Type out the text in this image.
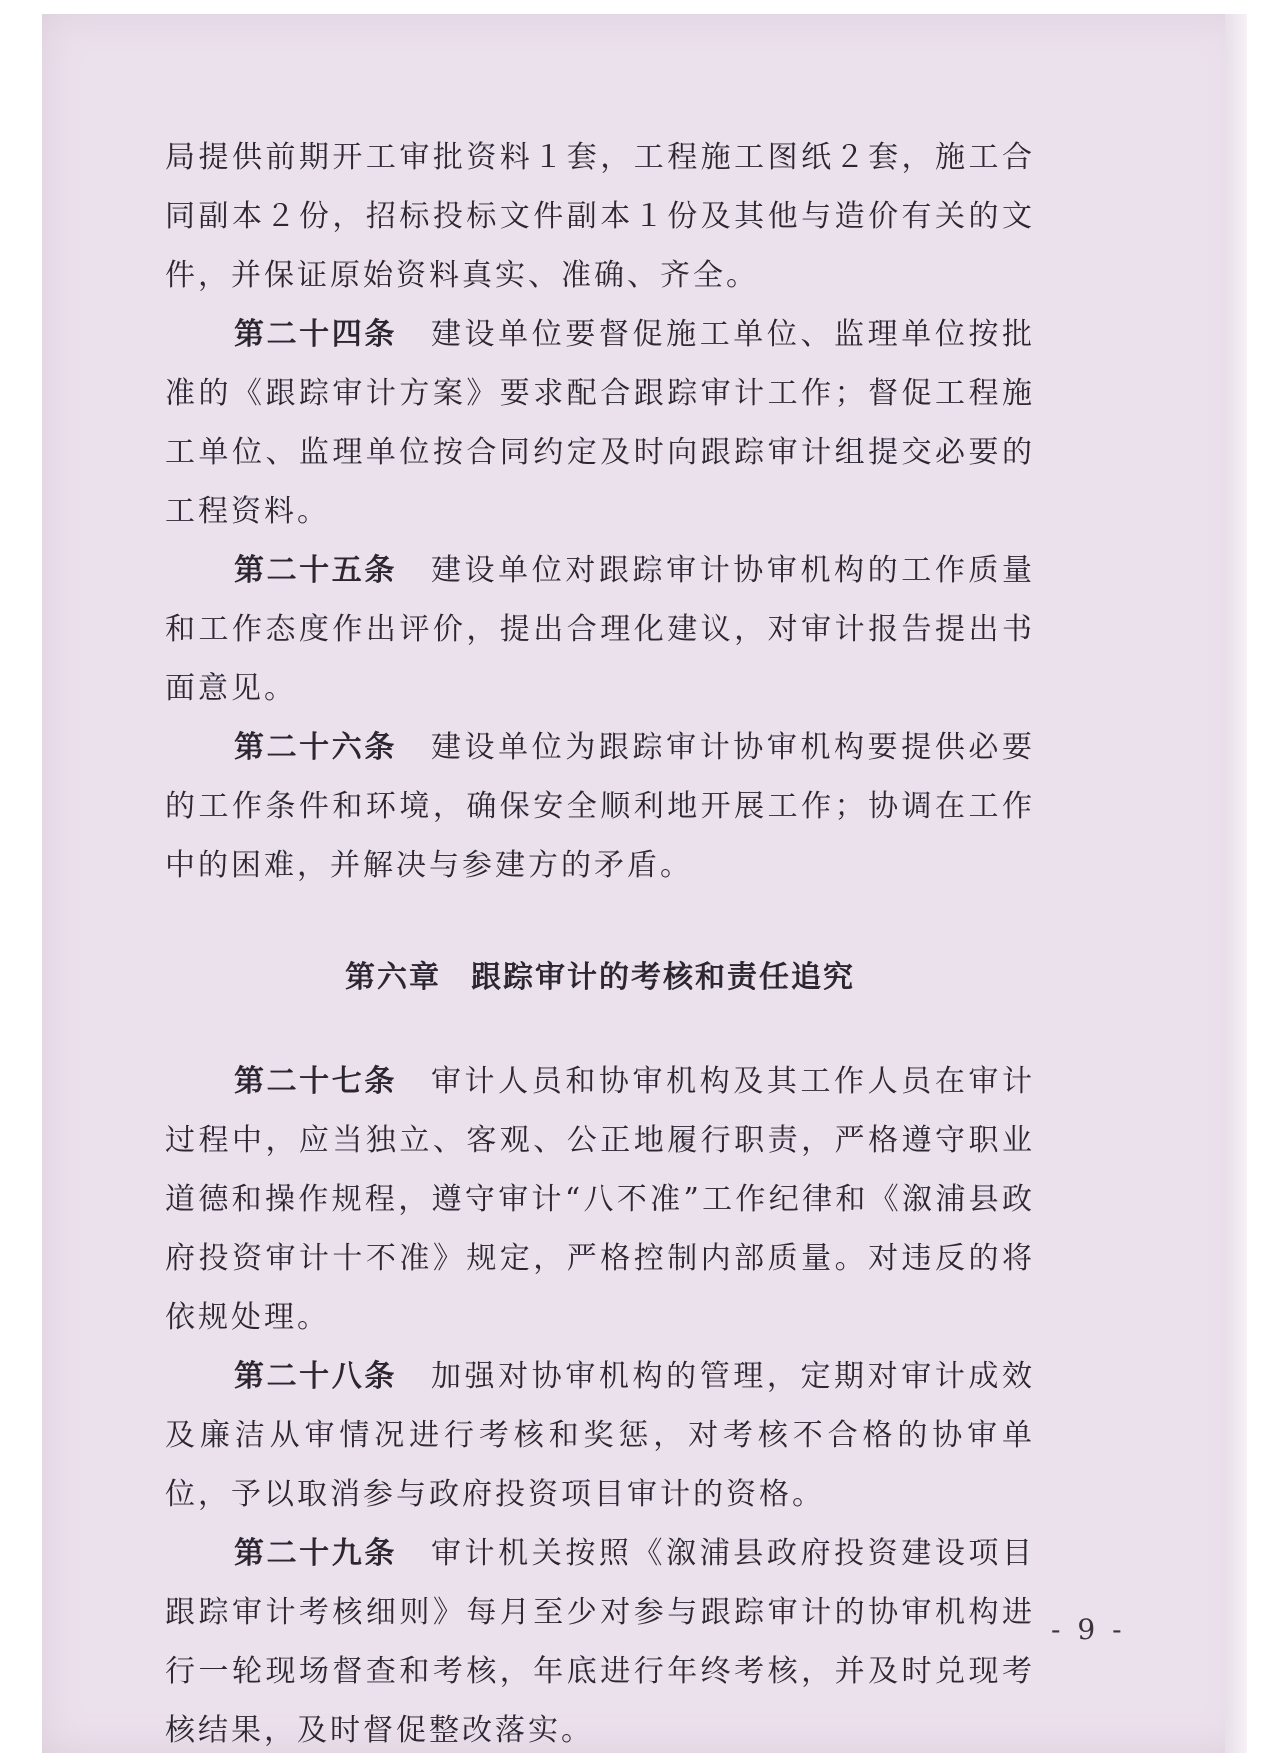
局提供前期开工审批资料１套，工程施工图纸２套，施工合同副本２份，招标投标文件副本１份及其他与造价有关的文件，并保证原始资料真实、准确、齐全。

第二十四条 建设单位要督促施工单位、监理单位按批准的《跟踪审计方案》要求配合跟踪审计工作；督促工程施工单位、监理单位按合同约定及时向跟踪审计组提交必要的工程资料。

第二十五条 建设单位对跟踪审计协审机构的工作质量和工作态度作出评价，提出合理化建议，对审计报告提出书面意见。

第二十六条 建设单位为跟踪审计协审机构要提供必要的工作条件和环境，确保安全顺利地开展工作；协调在工作中的困难，并解决与参建方的矛盾。

第六章 跟踪审计的考核和责任追究

第二十七条 审计人员和协审机构及其工作人员在审计过程中，应当独立、客观、公正地履行职责，严格遵守职业道德和操作规程，遵守审计“八不准”工作纪律和《溆浦县政府投资审计十不准》规定，严格控制内部质量。对违反的将依规处理。

第二十八条 加强对协审机构的管理，定期对审计成效及廉洁从审情况进行考核和奖惩，对考核不合格的协审单位，予以取消参与政府投资项目审计的资格。

第二十九条 审计机关按照《溆浦县政府投资建设项目跟踪审计考核细则》每月至少对参与跟踪审计的协审机构进行一轮现场督查和考核，年底进行年终考核，并及时兑现考核结果，及时督促整改落实。

- 9 -
